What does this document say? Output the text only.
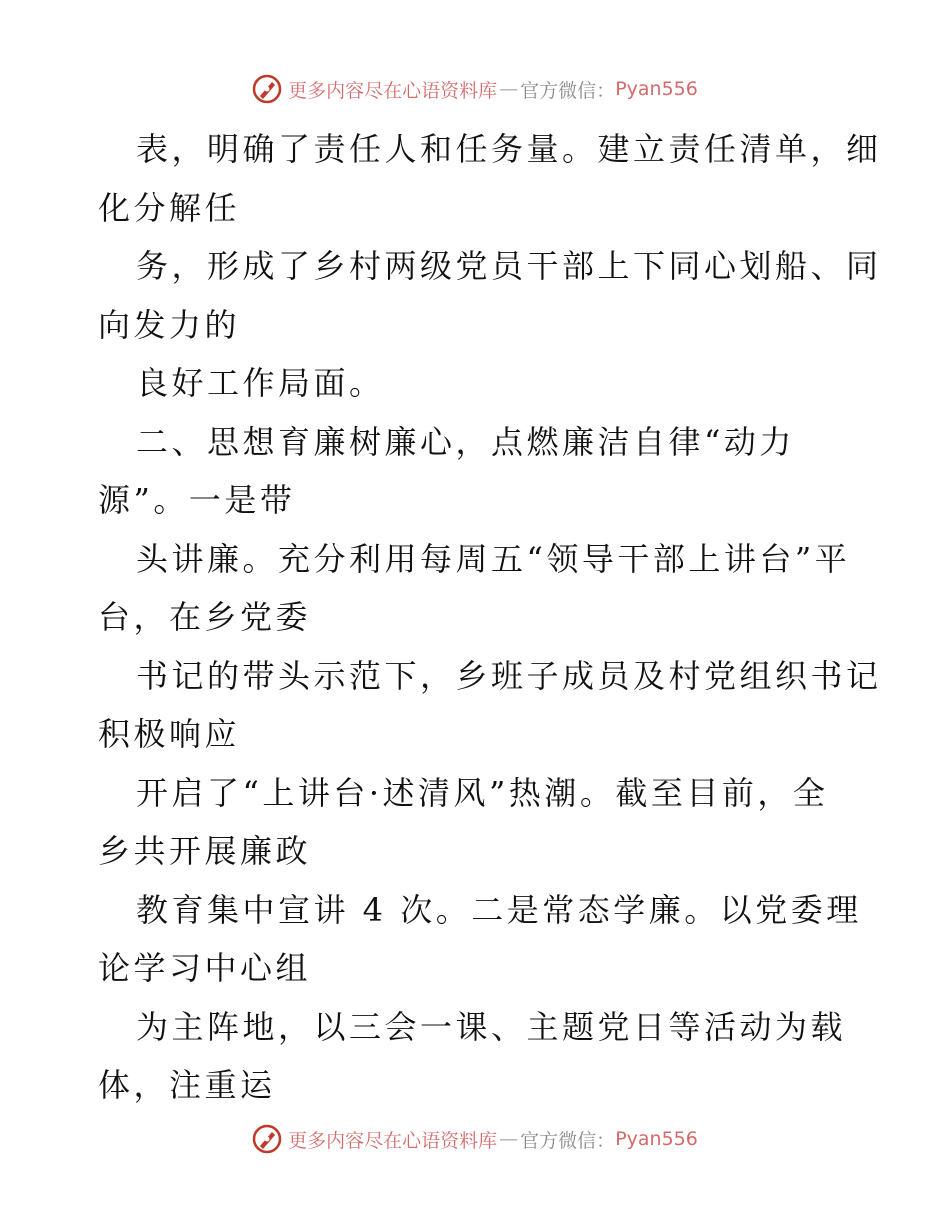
更多内容尽在心语资料库 — 官方微信： Pyan556
表，明确了责任人和任务量。建立责任清单，细
化分解任
务，形成了乡村两级党员干部上下同心划船、同
向发力的
良好工作局面。
二、思想育廉树廉心，点燃廉洁自律“动力
源”。一是带
头讲廉。充分利用每周五“领导干部上讲台”平
台，在乡党委
书记的带头示范下，乡班子成员及村党组织书记
积极响应
开启了“上讲台·述清风”热潮。截至目前，全
乡共开展廉政
教育集中宣讲 4 次。二是常态学廉。以党委理
论学习中心组
为主阵地，以三会一课、主题党日等活动为载
体，注重运
更多内容尽在心语资料库 — 官方微信： Pyan556
